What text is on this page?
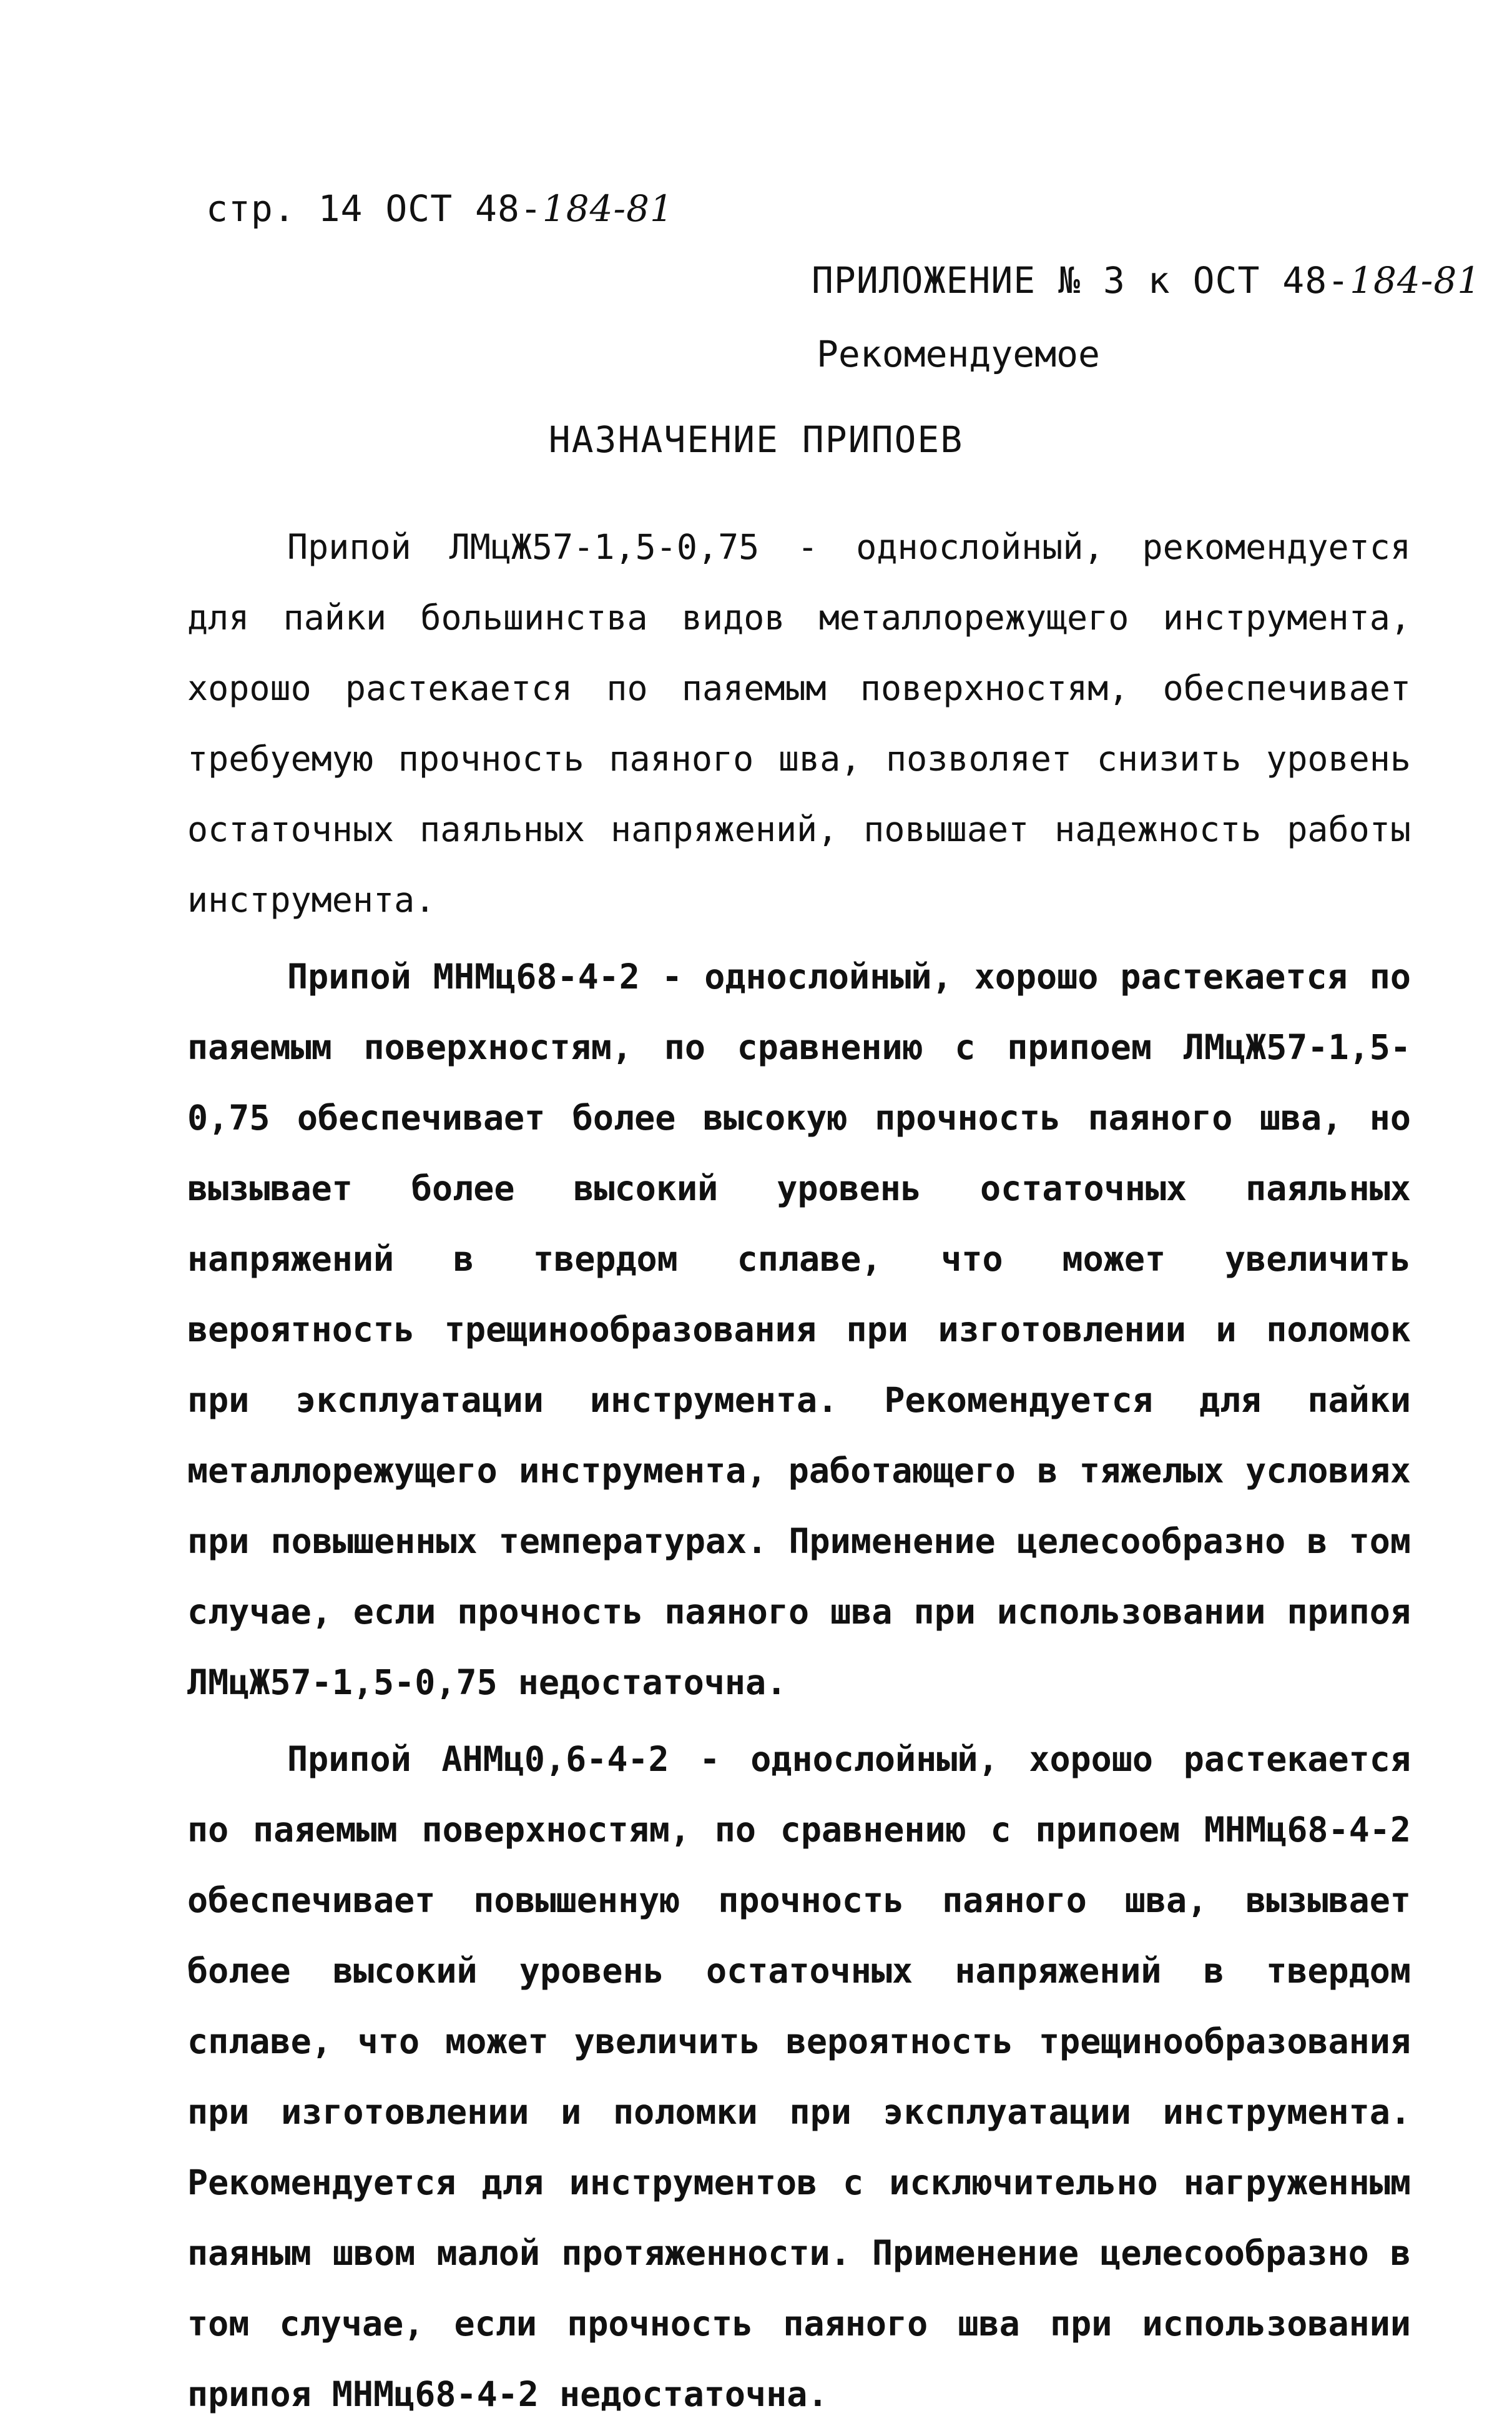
стр. 14 ОСТ 48-184-81
ПРИЛОЖЕНИЕ № 3 к ОСТ 48-184-81
Рекомендуемое
НАЗНАЧЕНИЕ ПРИПОЕВ

Припой ЛМцЖ57-1,5-0,75 - однослойный, рекомендуется для пайки большинства видов металлорежущего инструмента, хорошо растекается по паяемым поверхностям, обеспечивает требуемую прочность паяного шва, позволяет снизить уровень остаточных паяльных напряжений, повышает надежность работы инструмента.

Припой МНМц68-4-2 - однослойный, хорошо растекается по паяемым поверхностям, по сравнению с припоем ЛМцЖ57-1,5-0,75 обеспечивает более высокую прочность паяного шва, но вызывает более высокий уровень остаточных паяльных напряжений в твердом сплаве, что может увеличить вероятность трещинообразования при изготовлении и поломок при эксплуатации инструмента. Рекомендуется для пайки металлорежущего инструмента, работающего в тяжелых условиях при повышенных температурах. Применение целесообразно в том случае, если прочность паяного шва при использовании припоя ЛМцЖ57-1,5-0,75 недостаточна.

Припой АНМц0,6-4-2 - однослойный, хорошо растекается по паяемым поверхностям, по сравнению с припоем МНМц68-4-2 обеспечивает повышенную прочность паяного шва, вызывает более высокий уровень остаточных напряжений в твердом сплаве, что может увеличить вероятность трещинообразования при изготовлении и поломки при эксплуатации инструмента. Рекомендуется для инструментов с исключительно нагруженным паяным швом малой протяженности. Применение целесообразно в том случае, если прочность паяного шва при использовании припоя МНМц68-4-2 недостаточна.
